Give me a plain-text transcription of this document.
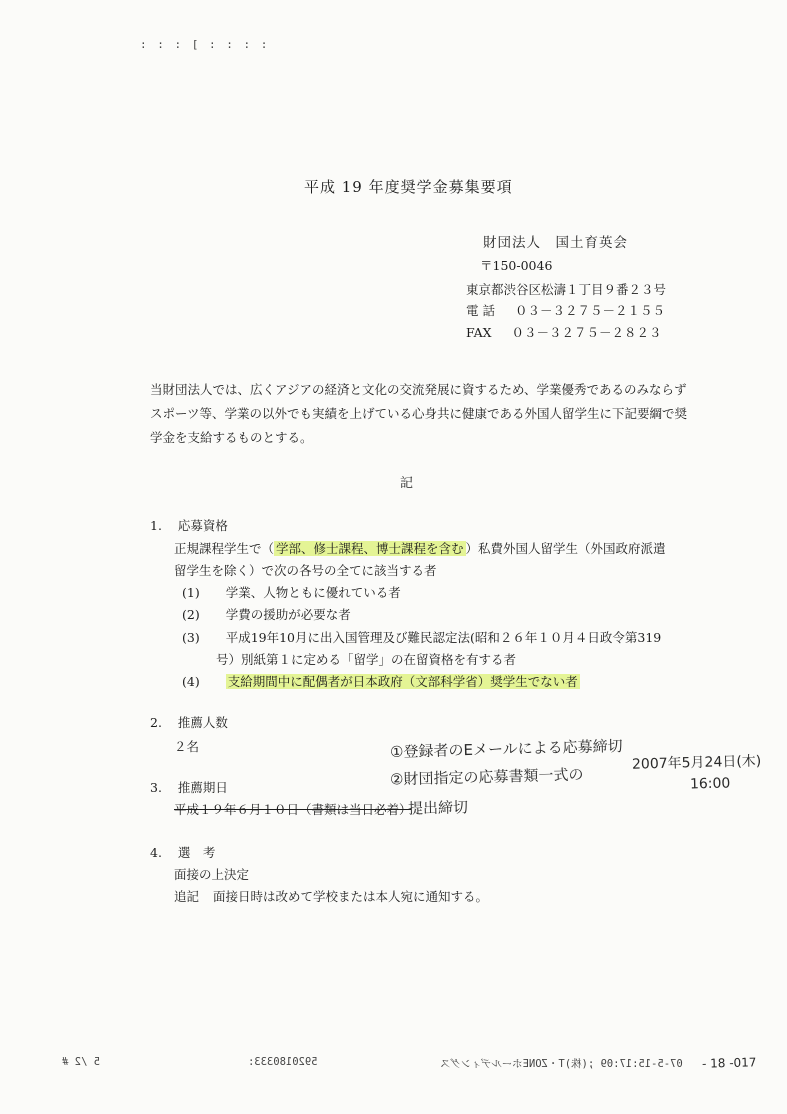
: : : [ : : : :
平成 19 年度奨学金募集要項
財団法人　国土育英会
〒150-0046
東京都渋谷区松濤１丁目９番２３号
電 話 ０３－３２７５－２１５５
FAX ０３－３２７５－２８２３
当財団法人では、広くアジアの経済と文化の交流発展に資するため、学業優秀であるのみならずスポーツ等、学業の以外でも実績を上げている心身共に健康である外国人留学生に下記要綱で奨学金を支給するものとする。
記
1. 応募資格
正規課程学生で（ 学部、修士課程、博士課程を含む ）私費外国人留学生（外国政府派遣
留学生を除く）で次の各号の全てに該当する者
(1) 学業、人物ともに優れている者
(2) 学費の援助が必要な者
(3) 平成19年10月に出入国管理及び難民認定法(昭和２６年１０月４日政令第319
号）別紙第１に定める「留学」の在留資格を有する者
(4) 支給期間中に配偶者が日本政府（文部科学省）奨学生でない者
2. 推薦人数
２名
3. 推薦期日
平成１９年６月１０日（書類は当日必着）
4. 選　考
面接の上決定
追記 面接日時は改めて学校または本人宛に通知する。
①登録者のEメールによる応募締切
②財団指定の応募書類一式の
提出締切
2007年5月24日(木)
16:00
5 /2 #	5920180333:	07-5-15:17:09 ;(株)T・ZONEホールディングス - 18 -017
